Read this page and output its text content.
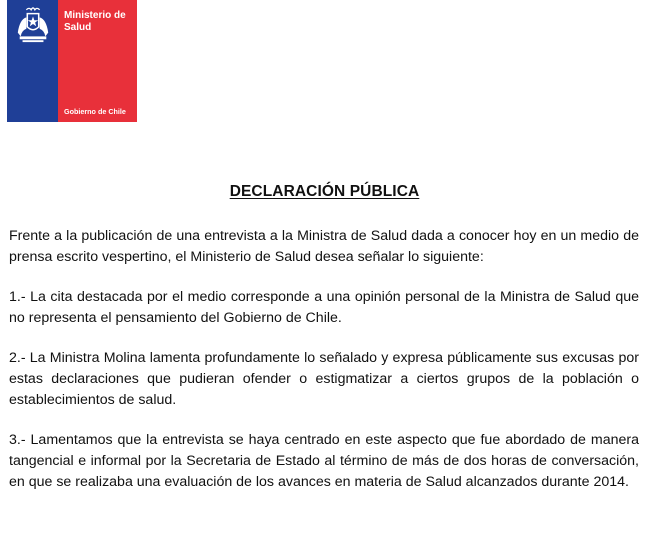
Ministerio de
Salud
Gobierno de Chile
DECLARACIÓN PÚBLICA

Frente a la publicación de una entrevista a la Ministra de Salud dada a conocer hoy en un medio de prensa escrito vespertino, el Ministerio de Salud desea señalar lo siguiente:

1.- La cita destacada por el medio corresponde a una opinión personal de la Ministra de Salud que no representa el pensamiento del Gobierno de Chile.

2.- La Ministra Molina lamenta profundamente lo señalado y expresa públicamente sus excusas por estas declaraciones que pudieran ofender o estigmatizar a ciertos grupos de la población o establecimientos de salud.

3.- Lamentamos que la entrevista se haya centrado en este aspecto que fue abordado de manera tangencial e informal por la Secretaria de Estado al término de más de dos horas de conversación, en que se realizaba una evaluación de los avances en materia de Salud alcanzados durante 2014.
